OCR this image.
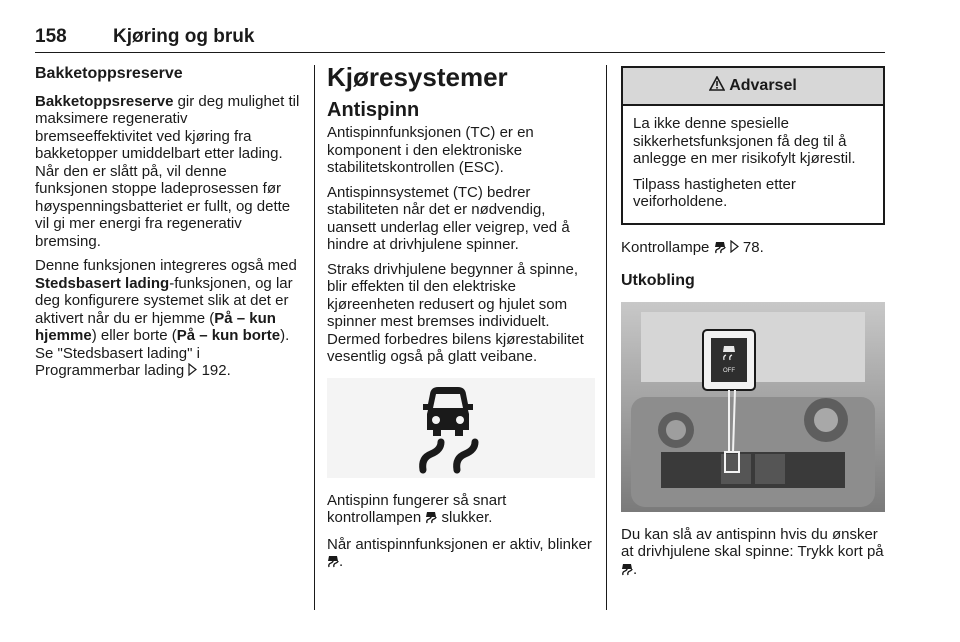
158 Kjøring og bruk
Bakketoppsreserve

Bakketoppsreserve gir deg mulighet til maksimere regenerativ bremseeffektivitet ved kjøring fra bakketopper umiddelbart etter lading. Når den er slått på, vil denne funksjonen stoppe ladeprosessen før høyspenningsbatteriet er fullt, og dette vil gi mer energi fra regenerativ bremsing.

Denne funksjonen integreres også med Stedsbasert lading-funksjonen, og lar deg konfigurere systemet slik at det er aktivert når du er hjemme (På – kun hjemme) eller borte (På – kun borte). Se "Stedsbasert lading" i Programmerbar lading  192.

Kjøresystemer
Antispinn

Antispinnfunksjonen (TC) er en komponent i den elektroniske stabilitetskontrollen (ESC).

Antispinnsystemet (TC) bedrer stabiliteten når det er nødvendig, uansett underlag eller veigrep, ved å hindre at drivhjulene spinner.

Straks drivhjulene begynner å spinne, blir effekten til den elektriske kjøreenheten redusert og hjulet som spinner mest bremses individuelt. Dermed forbedres bilens kjørestabilitet vesentlig også på glatt veibane.

Antispinn fungerer så snart kontrollampen  slukker.

Når antispinnfunksjonen er aktiv, blinker .

Advarsel

La ikke denne spesielle sikkerhetsfunksjonen få deg til å anlegge en mer risikofylt kjørestil.

Tilpass hastigheten etter veiforholdene.

Kontrollampe   78.

Utkobling
OFF

Du kan slå av antispinn hvis du ønsker at drivhjulene skal spinne: Trykk kort på .
